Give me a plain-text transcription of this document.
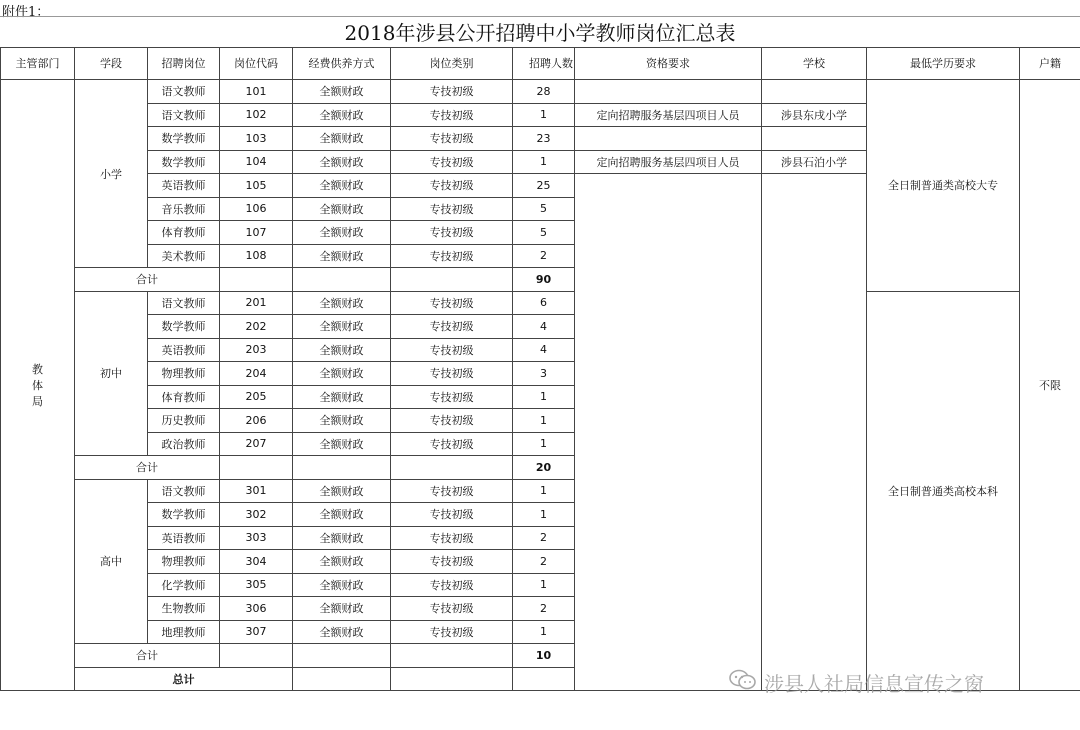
附件1：
2018年涉县公开招聘中小学教师岗位汇总表
主管部门	学段	招聘岗位	岗位代码	经费供养方式	岗位类别	招聘人数	资格要求	学校	最低学历要求	户籍	
教体局	小学	语文教师	101	全额财政	专技初级	28			全日制普通类高校大专	不限	
		语文教师	102	全额财政	专技初级	1	定向招聘服务基层四项目人员	涉县东戌小学			
		数学教师	103	全额财政	专技初级	23					
		数学教师	104	全额财政	专技初级	1	定向招聘服务基层四项目人员	涉县石泊小学			
		英语教师	105	全额财政	专技初级	25					
		音乐教师	106	全额财政	专技初级	5					
		体育教师	107	全额财政	专技初级	5					
		美术教师	108	全额财政	专技初级	2					
	合计					90					
	初中	语文教师	201	全额财政	专技初级	6			全日制普通类高校本科		
		数学教师	202	全额财政	专技初级	4					
		英语教师	203	全额财政	专技初级	4					
		物理教师	204	全额财政	专技初级	3					
		体育教师	205	全额财政	专技初级	1					
		历史教师	206	全额财政	专技初级	1					
		政治教师	207	全额财政	专技初级	1					
	合计					20					
	高中	语文教师	301	全额财政	专技初级	1					
		数学教师	302	全额财政	专技初级	1					
		英语教师	303	全额财政	专技初级	2					
		物理教师	304	全额财政	专技初级	2					
		化学教师	305	全额财政	专技初级	1					
		生物教师	306	全额财政	专技初级	2					
		地理教师	307	全额财政	专技初级	1					
	合计					10					
	总计								涉县人社局信息宣传之窗
